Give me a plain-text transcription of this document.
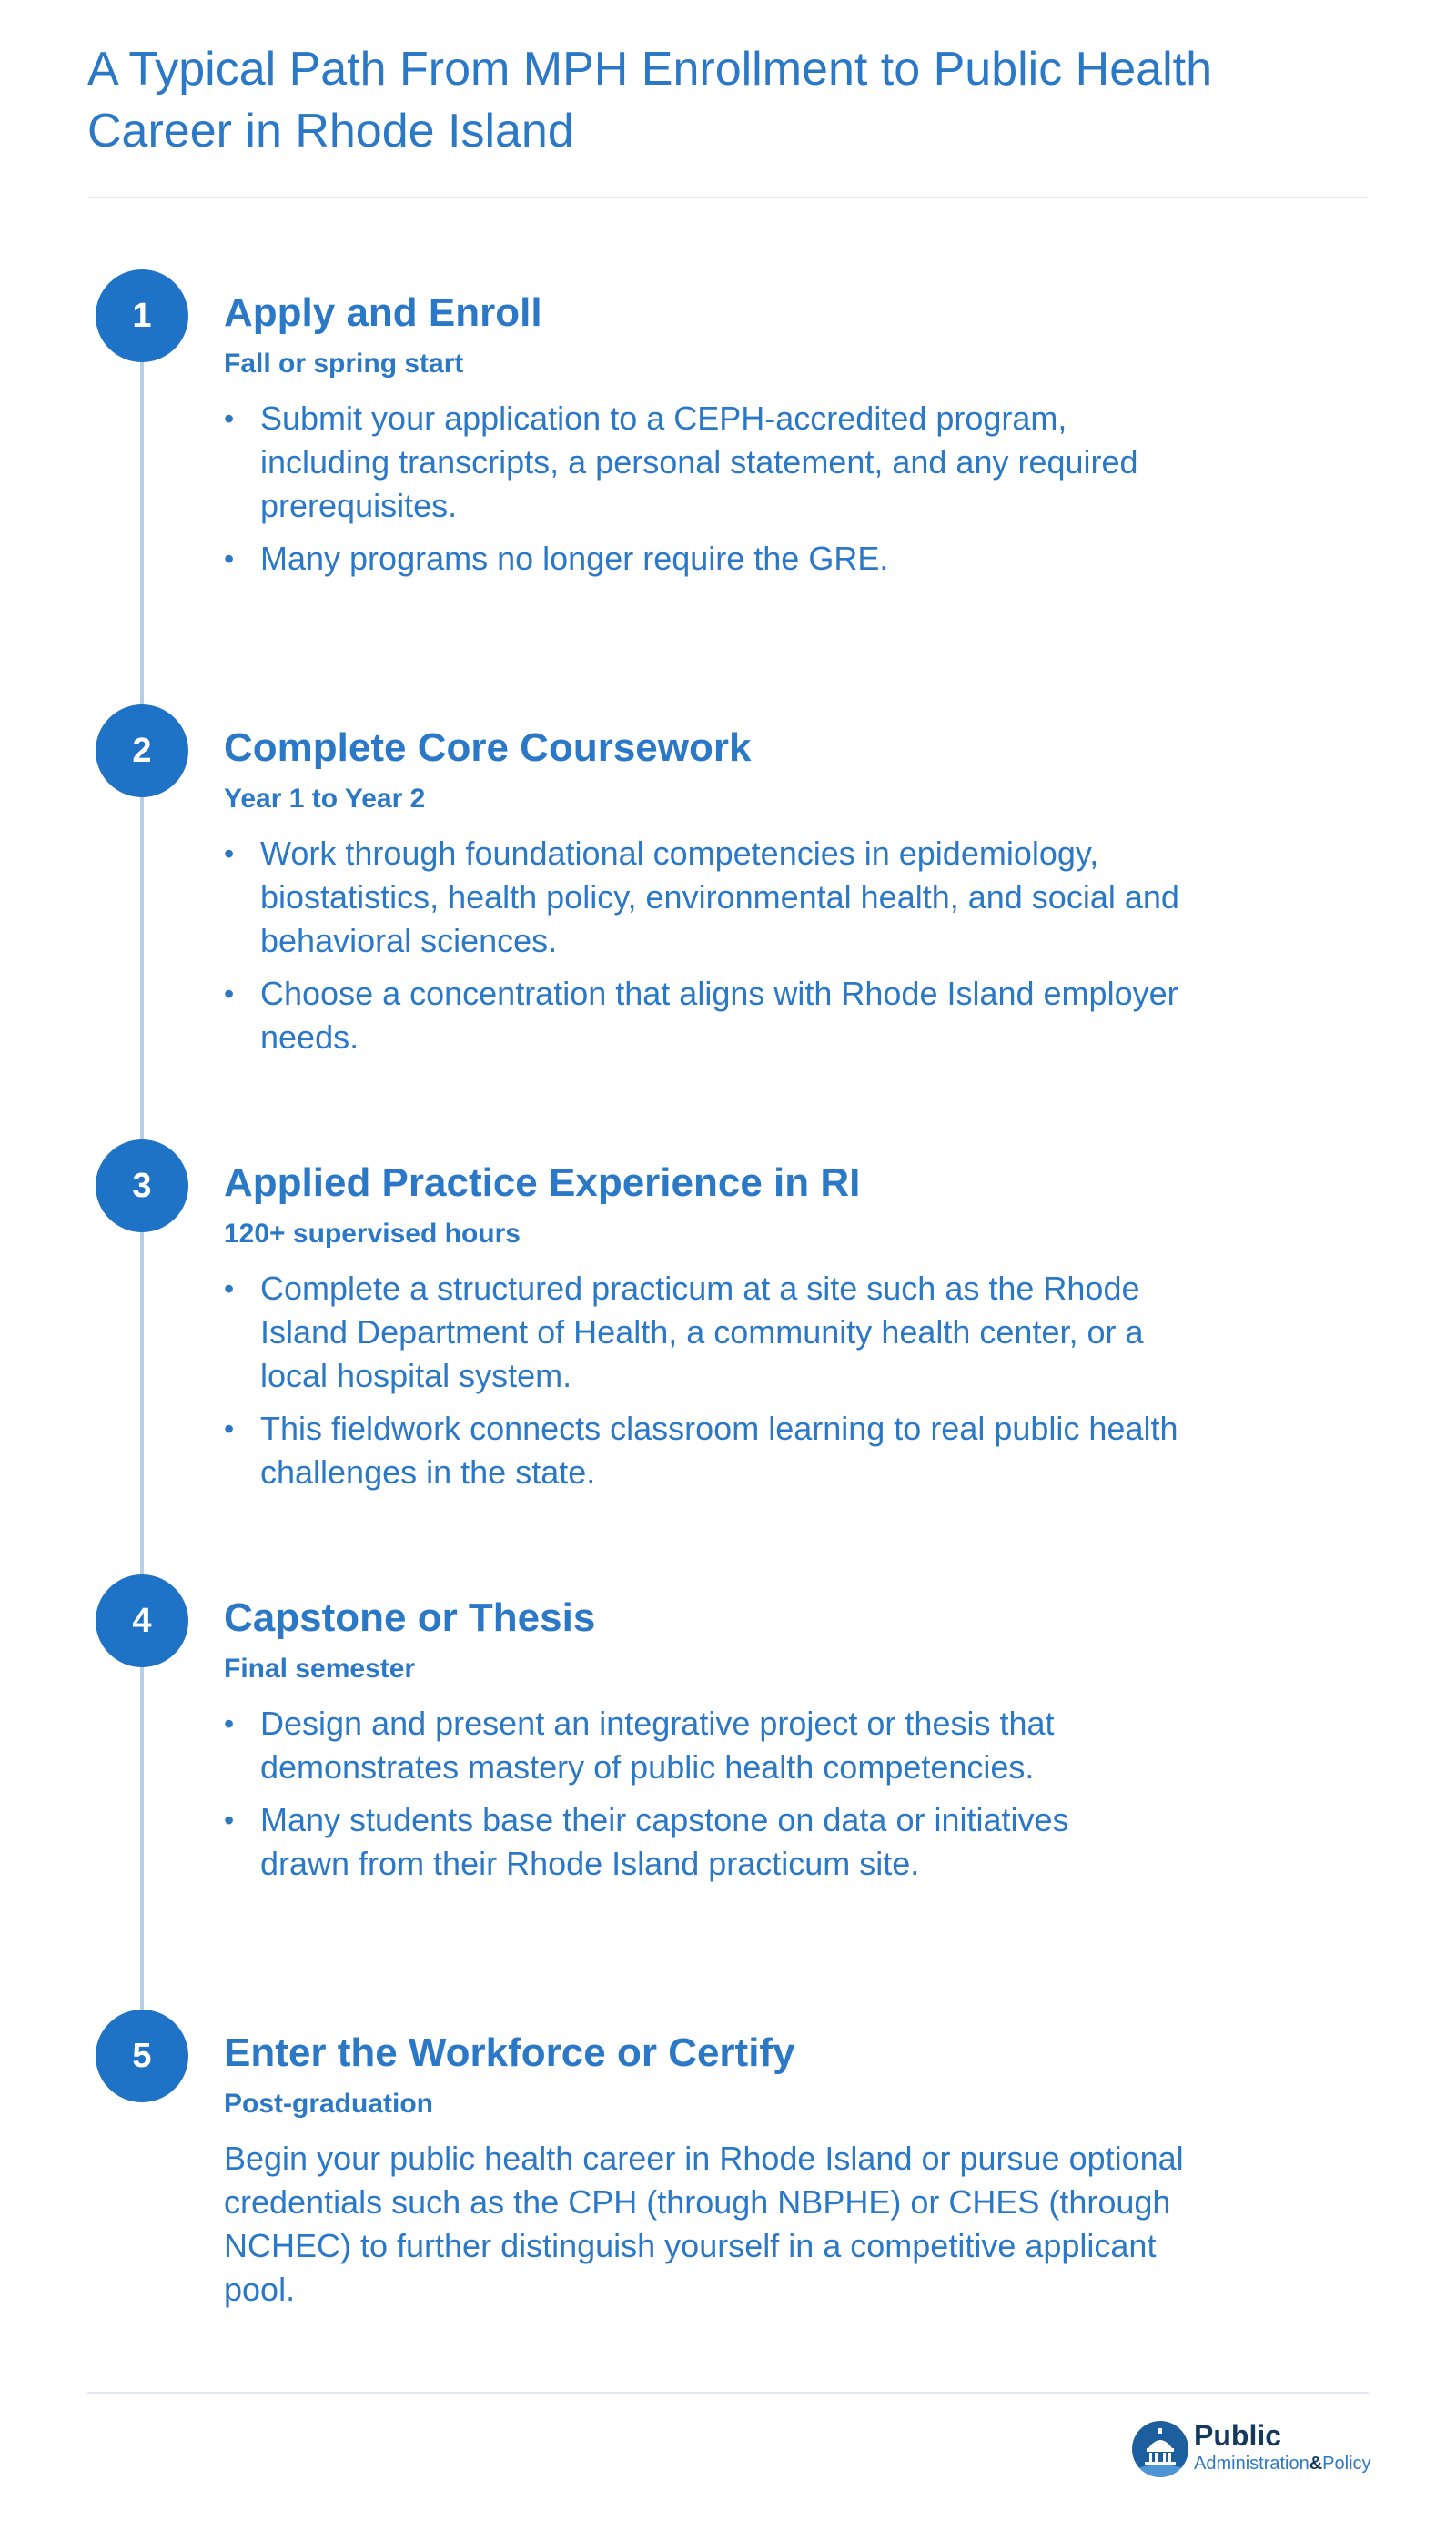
A Typical Path From MPH Enrollment to Public Health Career in Rhode Island
1	Apply and Enroll
Fall or spring start
• Submit your application to a CEPH-accredited program, including transcripts, a personal statement, and any required prerequisites.
• Many programs no longer require the GRE.
2	Complete Core Coursework
Year 1 to Year 2
• Work through foundational competencies in epidemiology, biostatistics, health policy, environmental health, and social and behavioral sciences.
• Choose a concentration that aligns with Rhode Island employer needs.
3	Applied Practice Experience in RI
120+ supervised hours
• Complete a structured practicum at a site such as the Rhode Island Department of Health, a community health center, or a local hospital system.
• This fieldwork connects classroom learning to real public health challenges in the state.
4	Capstone or Thesis
Final semester
• Design and present an integrative project or thesis that demonstrates mastery of public health competencies.
• Many students base their capstone on data or initiatives drawn from their Rhode Island practicum site.
5	Enter the Workforce or Certify
Post-graduation

Begin your public health career in Rhode Island or pursue optional credentials such as the CPH (through NBPHE) or CHES (through NCHEC) to further distinguish yourself in a competitive applicant pool.

Public
Administration&Policy
